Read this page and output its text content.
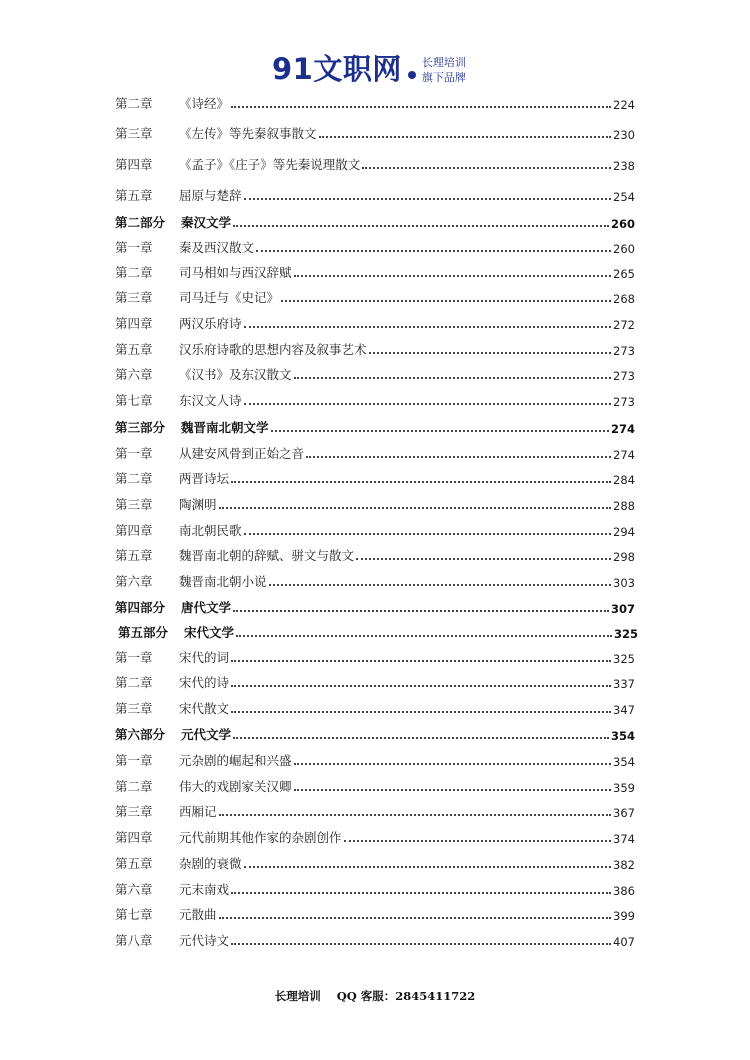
91文职网 长理培训
旗下品牌
第二章	《诗经》	224
第三章	《左传》等先秦叙事散文	230
第四章	《孟子》《庄子》等先秦说理散文	238
第五章	屈原与楚辞	254
第二部分	秦汉文学	260
第一章	秦及西汉散文	260
第二章	司马相如与西汉辞赋	265
第三章	司马迁与《史记》	268
第四章	两汉乐府诗	272
第五章	汉乐府诗歌的思想内容及叙事艺术	273
第六章	《汉书》及东汉散文	273
第七章	东汉文人诗	273
第三部分	魏晋南北朝文学	274
第一章	从建安风骨到正始之音	274
第二章	两晋诗坛	284
第三章	陶渊明	288
第四章	南北朝民歌	294
第五章	魏晋南北朝的辞赋、骈文与散文	298
第六章	魏晋南北朝小说	303
第四部分	唐代文学	307
第五部分	宋代文学	325
第一章	宋代的词	325
第二章	宋代的诗	337
第三章	宋代散文	347
第六部分	元代文学	354
第一章	元杂剧的崛起和兴盛	354
第二章	伟大的戏剧家关汉卿	359
第三章	西厢记	367
第四章	元代前期其他作家的杂剧创作	374
第五章	杂剧的衰微	382
第六章	元末南戏	386
第七章	元散曲	399
第八章	元代诗文	407
长理培训 QQ 客服：2845411722
